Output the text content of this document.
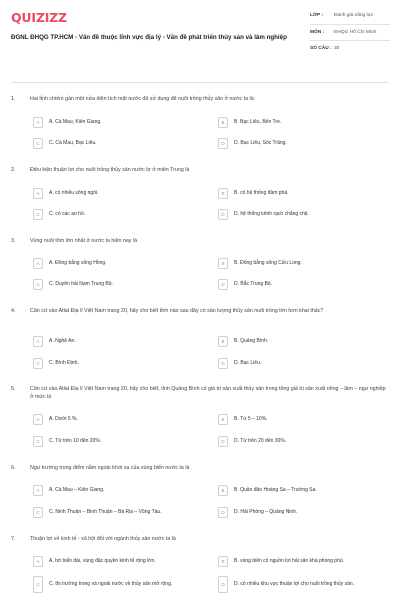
QUIZIZZ
ĐGNL ĐHQG TP.HCM - Vấn đề thuộc lĩnh vực địa lý - Vấn đề phát triển thủy sản và lâm nghiệp
LỚP :	Đánh giá năng lực
MÔN :	ĐHQG Hồ Chí Minh
SỐ CÂU : 30
1.	Hai tỉnh chiếm gần một nửa diện tích mặt nước đã sử dụng để nuôi trồng thủy sản ở nước ta là:
A	A. Cà Mau, Kiên Giang.	B	B. Bạc Liêu, Bến Tre.
C	C. Cà Mau, Bạc Liêu.	D	D. Bạc Liêu, Sóc Trăng.
2.	Điều kiện thuận lợi cho nuôi trồng thủy sản nước lợ ở miền Trung là
A	A. có nhiều sông ngòi.	B	B. có hệ thống đầm phá.
C	C. có các ao hồ.	D	D. hệ thống kênh rạch chằng chịt.
3.	Vùng nuôi tôm lớn nhất ở nước ta hiện nay là
A	A. Đồng bằng sông Hồng.	B	B. Đồng bằng sông Cửu Long.
C	C. Duyên hải Nam Trung Bộ.	D	D. Bắc Trung Bộ.
4.	Căn cứ vào Atlat Địa lí Việt Nam trang 20, hãy cho biết tỉnh nào sau đây có sản lượng thủy sản nuôi trồng lớn hơn khai thác?
A	A. Nghệ An.	B	B. Quảng Bình.
C	C. Bình Định.	D	D. Bạc Liêu.
5.	Căn cứ vào Atlat Địa lí Việt Nam trang 20, hãy cho biết, tỉnh Quảng Bình có giá trị sản xuất thủy sản trong tổng giá trị sản xuất nông – lâm – ngư nghiệp ở mức là
A	A. Dưới 5 %.	B	B. Từ 5 – 10%.
C	C. Từ trên 10 đến 20%.	D	D. Từ trên 20 đến 30%.
6.	Ngư trường trọng điểm nằm ngoài khơi xa của vùng biển nước ta là
A	A. Cà Mau – Kiên Giang.	B	B. Quần đảo Hoàng Sa – Trường Sa.
C	C. Ninh Thuận – Bình Thuận – Bà Rịa – Vũng Tàu.	D	D. Hải Phòng – Quảng Ninh.
7.	Thuận lợi về kinh tế - xã hội đối với ngành thủy sản nước ta là
A	A. bờ biển dài, vùng đặc quyền kinh tế rộng lớn.	B	B. vùng biển có nguồn lợi hải sản khá phong phú.
C	C. thị trường trong và ngoài nước về thủy sản mở rộng.	D	D. có nhiều khu vực thuận lợi cho nuôi trồng thủy sản.
